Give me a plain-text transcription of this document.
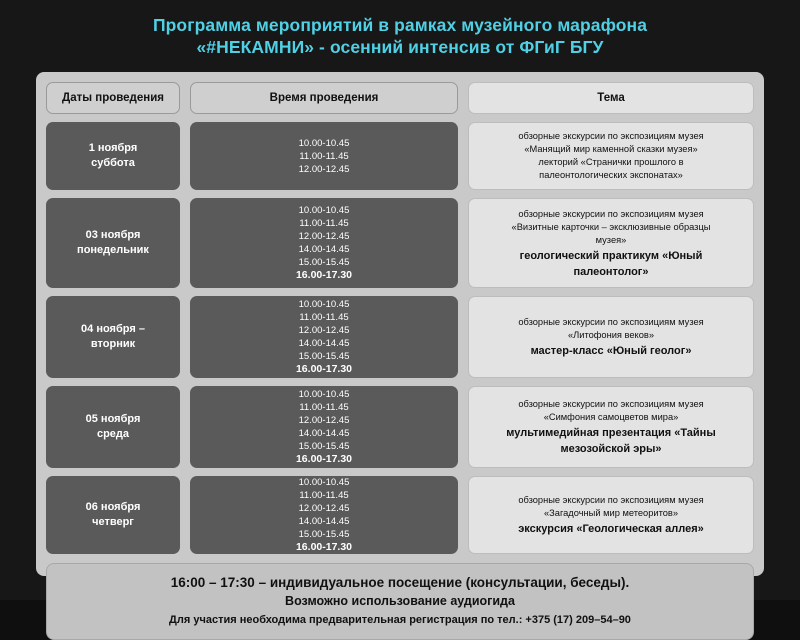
Программа мероприятий в рамках музейного марафона
«#НЕКАМНИ» - осенний интенсив от ФГиГ БГУ
Даты проведения
1 ноября
суббота
03 ноября
понедельник
04 ноября –
вторник
05 ноября
среда
06 ноября
четверг
Время проведения
10.00-10.45
11.00-11.45
12.00-12.45
10.00-10.45
11.00-11.45
12.00-12.45
14.00-14.45
15.00-15.45
16.00-17.30
10.00-10.45
11.00-11.45
12.00-12.45
14.00-14.45
15.00-15.45
16.00-17.30
10.00-10.45
11.00-11.45
12.00-12.45
14.00-14.45
15.00-15.45
16.00-17.30
10.00-10.45
11.00-11.45
12.00-12.45
14.00-14.45
15.00-15.45
16.00-17.30
Тема
обзорные экскурсии по экспозициям музея
«Манящий мир каменной сказки музея»
лекторий «Странички прошлого в
палеонтологических экспонатах»
обзорные экскурсии по экспозициям музея
«Визитные карточки – эксклюзивные образцы
музея»
геологический практикум «Юный
палеонтолог»
обзорные экскурсии по экспозициям музея
«Литофония веков»
мастер-класс «Юный геолог»
обзорные экскурсии по экспозициям музея
«Симфония самоцветов мира»
мультимедийная презентация «Тайны
мезозойской эры»
обзорные экскурсии по экспозициям музея
«Загадочный мир метеоритов»
экскурсия «Геологическая аллея»
16:00 – 17:30 – индивидуальное посещение (консультации, беседы).
Возможно использование аудиогида
Для участия необходима предварительная регистрация по тел.: +375 (17) 209–54–90
